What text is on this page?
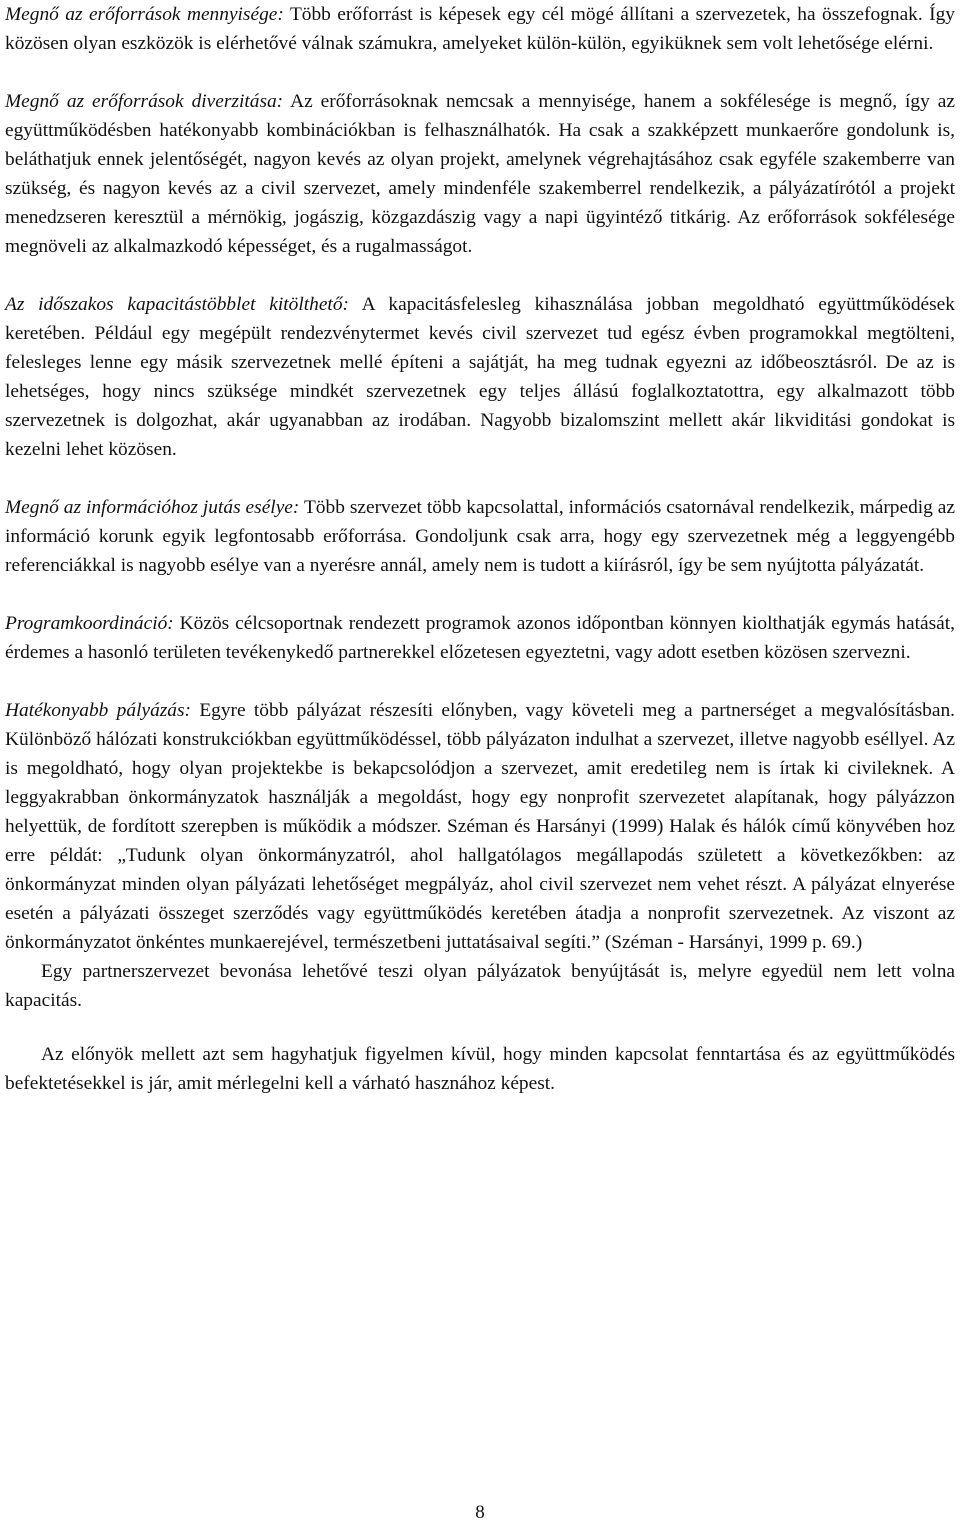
Megnő az erőforrások mennyisége: Több erőforrást is képesek egy cél mögé állítani a szervezetek, ha összefognak. Így közösen olyan eszközök is elérhetővé válnak számukra, amelyeket külön-külön, egyiküknek sem volt lehetősége elérni.

Megnő az erőforrások diverzitása: Az erőforrásoknak nemcsak a mennyisége, hanem a sokfélesége is megnő, így az együttműködésben hatékonyabb kombinációkban is felhasználhatók. Ha csak a szakképzett munkaerőre gondolunk is, beláthatjuk ennek jelentőségét, nagyon kevés az olyan projekt, amelynek végrehajtásához csak egyféle szakemberre van szükség, és nagyon kevés az a civil szervezet, amely mindenféle szakemberrel rendelkezik, a pályázatírótól a projekt menedzseren keresztül a mérnökig, jogászig, közgazdászig vagy a napi ügyintéző titkárig. Az erőforrások sokfélesége megnöveli az alkalmazkodó képességet, és a rugalmasságot.

Az időszakos kapacitástöbblet kitölthető: A kapacitásfelesleg kihasználása jobban megoldható együttműködések keretében. Például egy megépült rendezvénytermet kevés civil szervezet tud egész évben programokkal megtölteni, felesleges lenne egy másik szervezetnek mellé építeni a sajátját, ha meg tudnak egyezni az időbeosztásról. De az is lehetséges, hogy nincs szüksége mindkét szervezetnek egy teljes állású foglalkoztatottra, egy alkalmazott több szervezetnek is dolgozhat, akár ugyanabban az irodában. Nagyobb bizalomszint mellett akár likviditási gondokat is kezelni lehet közösen.

Megnő az információhoz jutás esélye: Több szervezet több kapcsolattal, információs csatornával rendelkezik, márpedig az információ korunk egyik legfontosabb erőforrása. Gondoljunk csak arra, hogy egy szervezetnek még a leggyengébb referenciákkal is nagyobb esélye van a nyerésre annál, amely nem is tudott a kiírásról, így be sem nyújtotta pályázatát.

Programkoordináció: Közös célcsoportnak rendezett programok azonos időpontban könnyen kiolthatják egymás hatását, érdemes a hasonló területen tevékenykedő partnerekkel előzetesen egyeztetni, vagy adott esetben közösen szervezni.

Hatékonyabb pályázás: Egyre több pályázat részesíti előnyben, vagy követeli meg a partnerséget a megvalósításban. Különböző hálózati konstrukciókban együttműködéssel, több pályázaton indulhat a szervezet, illetve nagyobb eséllyel. Az is megoldható, hogy olyan projektekbe is bekapcsolódjon a szervezet, amit eredetileg nem is írtak ki civileknek. A leggyakrabban önkormányzatok használják a megoldást, hogy egy nonprofit szervezetet alapítanak, hogy pályázzon helyettük, de fordított szerepben is működik a módszer. Széman és Harsányi (1999) Halak és hálók című könyvében hoz erre példát: „Tudunk olyan önkormányzatról, ahol hallgatólagos megállapodás született a következőkben: az önkormányzat minden olyan pályázati lehetőséget megpályáz, ahol civil szervezet nem vehet részt. A pályázat elnyerése esetén a pályázati összeget szerződés vagy együttműködés keretében átadja a nonprofit szervezetnek. Az viszont az önkormányzatot önkéntes munkaerejével, természetbeni juttatásaival segíti.” (Széman - Harsányi, 1999 p. 69.)

Egy partnerszervezet bevonása lehetővé teszi olyan pályázatok benyújtását is, melyre egyedül nem lett volna kapacitás.

Az előnyök mellett azt sem hagyhatjuk figyelmen kívül, hogy minden kapcsolat fenntartása és az együttműködés befektetésekkel is jár, amit mérlegelni kell a várható hasznához képest.

8
